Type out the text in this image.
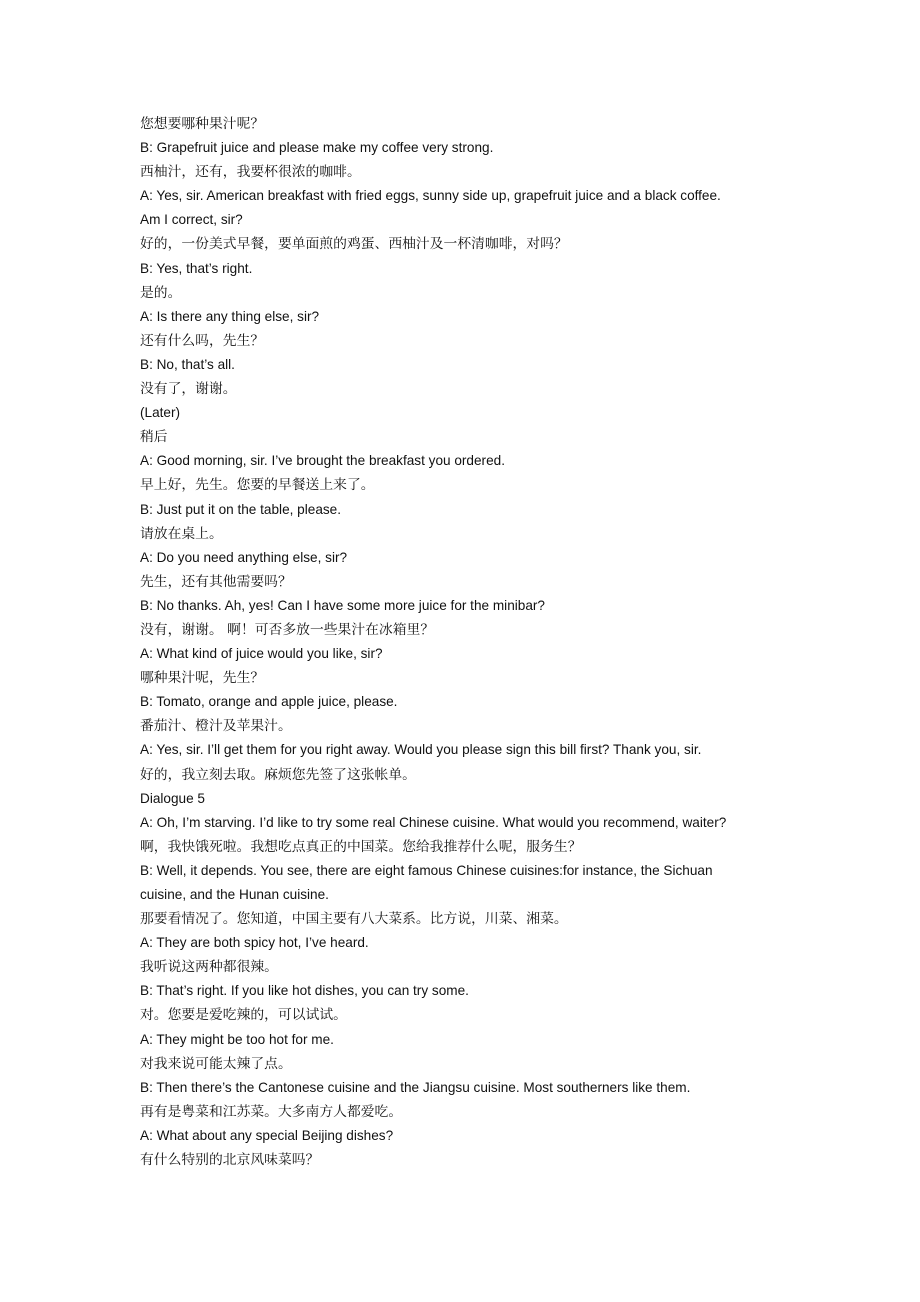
您想要哪种果汁呢？
B: Grapefruit juice and please make my coffee very strong.
西柚汁，还有，我要杯很浓的咖啡。
A: Yes, sir. American breakfast with fried eggs, sunny side up, grapefruit juice and a black coffee.
Am I correct, sir?
好的，一份美式早餐，要单面煎的鸡蛋、西柚汁及一杯清咖啡，对吗？
B: Yes, that’s right.
是的。
A: Is there any thing else, sir?
还有什么吗，先生？
B: No, that’s all.
没有了，谢谢。
(Later)
稍后
A: Good morning, sir. I’ve brought the breakfast you ordered.
早上好，先生。您要的早餐送上来了。
B: Just put it on the table, please.
请放在桌上。
A: Do you need anything else, sir?
先生，还有其他需要吗？
B: No thanks. Ah, yes! Can I have some more juice for the minibar?
没有，谢谢。 啊！可否多放一些果汁在冰箱里？
A: What kind of juice would you like, sir?
哪种果汁呢，先生？
B: Tomato, orange and apple juice, please.
番茄汁、橙汁及苹果汁。
A: Yes, sir. I’ll get them for you right away. Would you please sign this bill first? Thank you, sir.
好的，我立刻去取。麻烦您先签了这张帐单。
Dialogue 5
A: Oh, I’m starving. I’d like to try some real Chinese cuisine. What would you recommend, waiter?
啊，我快饿死啦。我想吃点真正的中国菜。您给我推荐什么呢，服务生？
B: Well, it depends. You see, there are eight famous Chinese cuisines:for instance, the Sichuan
cuisine, and the Hunan cuisine.
那要看情况了。您知道，中国主要有八大菜系。比方说，川菜、湘菜。
A: They are both spicy hot, I’ve heard.
我听说这两种都很辣。
B: That’s right. If you like hot dishes, you can try some.
对。您要是爱吃辣的，可以试试。
A: They might be too hot for me.
对我来说可能太辣了点。
B: Then there’s the Cantonese cuisine and the Jiangsu cuisine. Most southerners like them.
再有是粤菜和江苏菜。大多南方人都爱吃。
A: What about any special Beijing dishes?
有什么特别的北京风味菜吗？
